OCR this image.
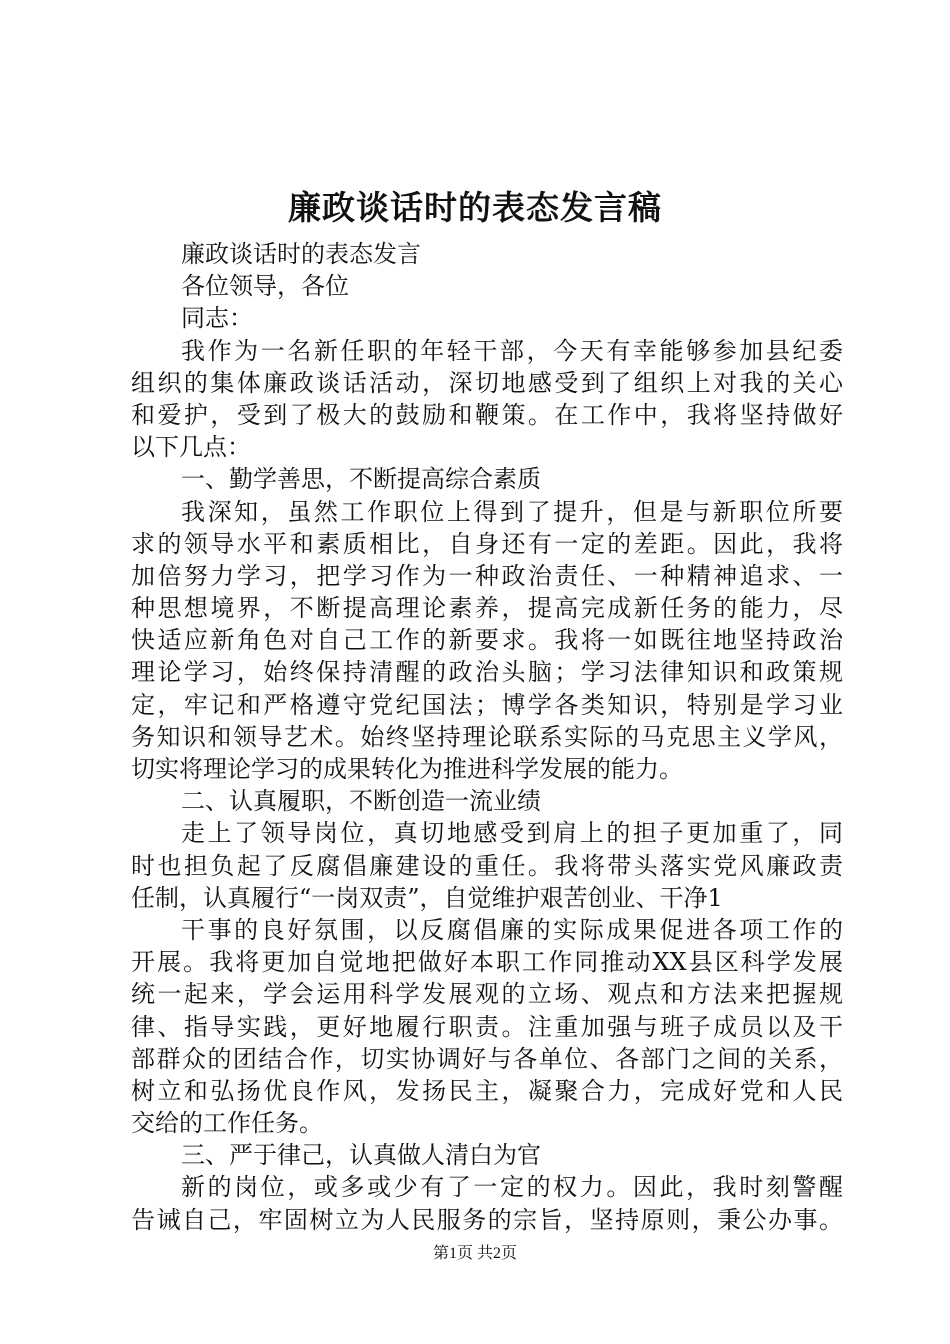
廉政谈话时的表态发言稿
廉政谈话时的表态发言
各位领导，各位
同志：
我作为一名新任职的年轻干部，今天有幸能够参加县纪委
组织的集体廉政谈话活动，深切地感受到了组织上对我的关心
和爱护，受到了极大的鼓励和鞭策。在工作中，我将坚持做好
以下几点：
一、勤学善思，不断提高综合素质
我深知，虽然工作职位上得到了提升，但是与新职位所要
求的领导水平和素质相比，自身还有一定的差距。因此，我将
加倍努力学习，把学习作为一种政治责任、一种精神追求、一
种思想境界，不断提高理论素养，提高完成新任务的能力，尽
快适应新角色对自己工作的新要求。我将一如既往地坚持政治
理论学习，始终保持清醒的政治头脑；学习法律知识和政策规
定，牢记和严格遵守党纪国法；博学各类知识，特别是学习业
务知识和领导艺术。始终坚持理论联系实际的马克思主义学风，
切实将理论学习的成果转化为推进科学发展的能力。
二、认真履职，不断创造一流业绩
走上了领导岗位，真切地感受到肩上的担子更加重了，同
时也担负起了反腐倡廉建设的重任。我将带头落实党风廉政责
任制，认真履行“一岗双责”，自觉维护艰苦创业、干净1
干事的良好氛围，以反腐倡廉的实际成果促进各项工作的
开展。我将更加自觉地把做好本职工作同推动XX县区科学发展
统一起来，学会运用科学发展观的立场、观点和方法来把握规
律、指导实践，更好地履行职责。注重加强与班子成员以及干
部群众的团结合作，切实协调好与各单位、各部门之间的关系，
树立和弘扬优良作风，发扬民主，凝聚合力，完成好党和人民
交给的工作任务。
三、严于律己，认真做人清白为官
新的岗位，或多或少有了一定的权力。因此，我时刻警醒
告诫自己，牢固树立为人民服务的宗旨，坚持原则，秉公办事。
第1页 共2页
